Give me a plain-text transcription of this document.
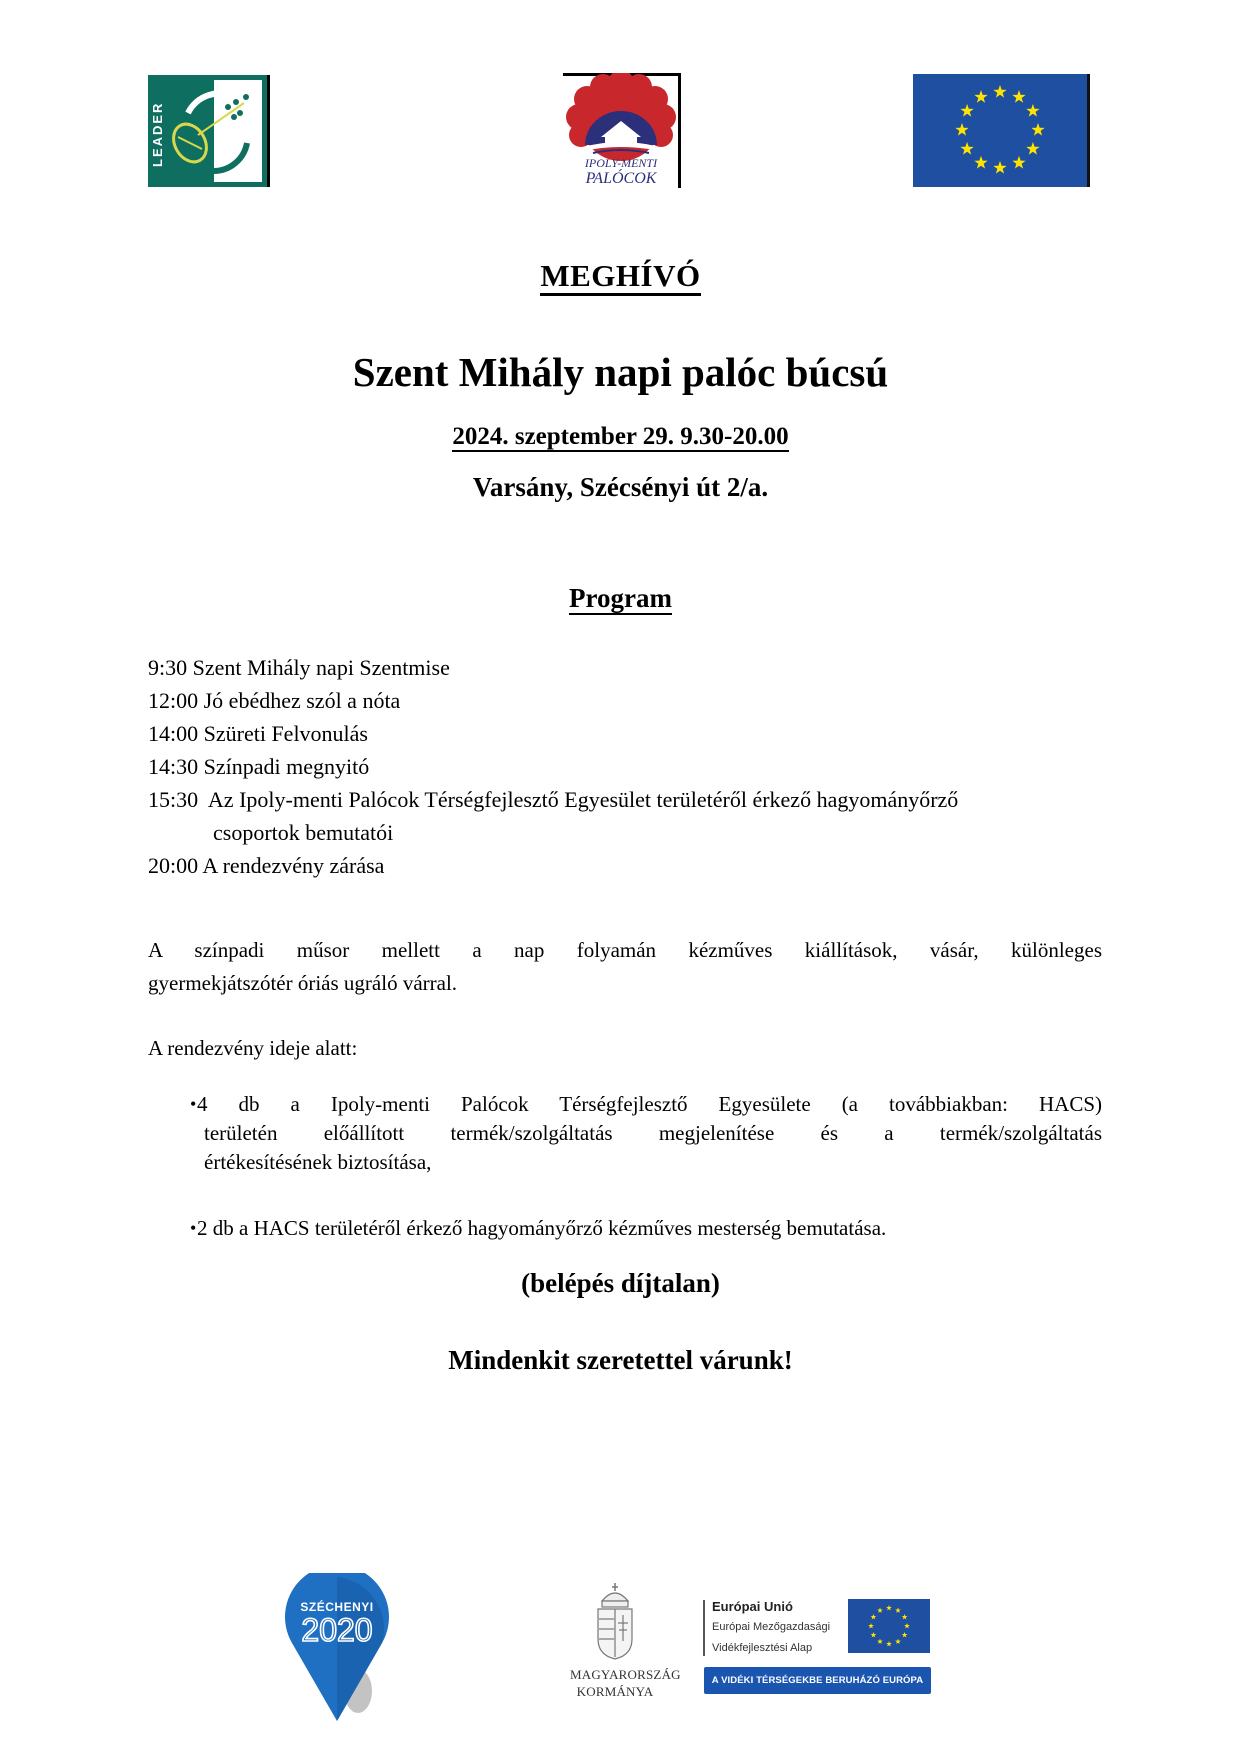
LEADER	IPOLY-MENTI
PALÓCOK
MEGHÍVÓ
Szent Mihály napi palóc búcsú
2024. szeptember 29. 9.30-20.00
Varsány, Szécsényi út 2/a.
Program
9:30 Szent Mihály napi Szentmise
12:00 Jó ebédhez szól a nóta
14:00 Szüreti Felvonulás
14:30 Színpadi megnyitó
15:30 Az Ipoly-menti Palócok Térségfejlesztő Egyesület területéről érkező hagyományőrző
csoportok bemutatói
20:00 A rendezvény zárása
A színpadi műsor mellett a nap folyamán kézműves kiállítások, vásár, különleges
gyermekjátszótér óriás ugráló várral.
A rendezvény ideje alatt:
• 4 db a Ipoly-menti Palócok Térségfejlesztő Egyesülete (a továbbiakban: HACS)
területén előállított termék/szolgáltatás megjelenítése és a termék/szolgáltatás
értékesítésének biztosítása,
• 2 db a HACS területéről érkező hagyományőrző kézműves mesterség bemutatása.
(belépés díjtalan)
Mindenkit szeretettel várunk!
SZÉCHENYI
2020
MAGYARORSZÁG
KORMÁNYA
Európai Unió
Európai Mezőgazdasági
Vidékfejlesztési Alap
A VIDÉKI TÉRSÉGEKBE BERUHÁZÓ EURÓPA
